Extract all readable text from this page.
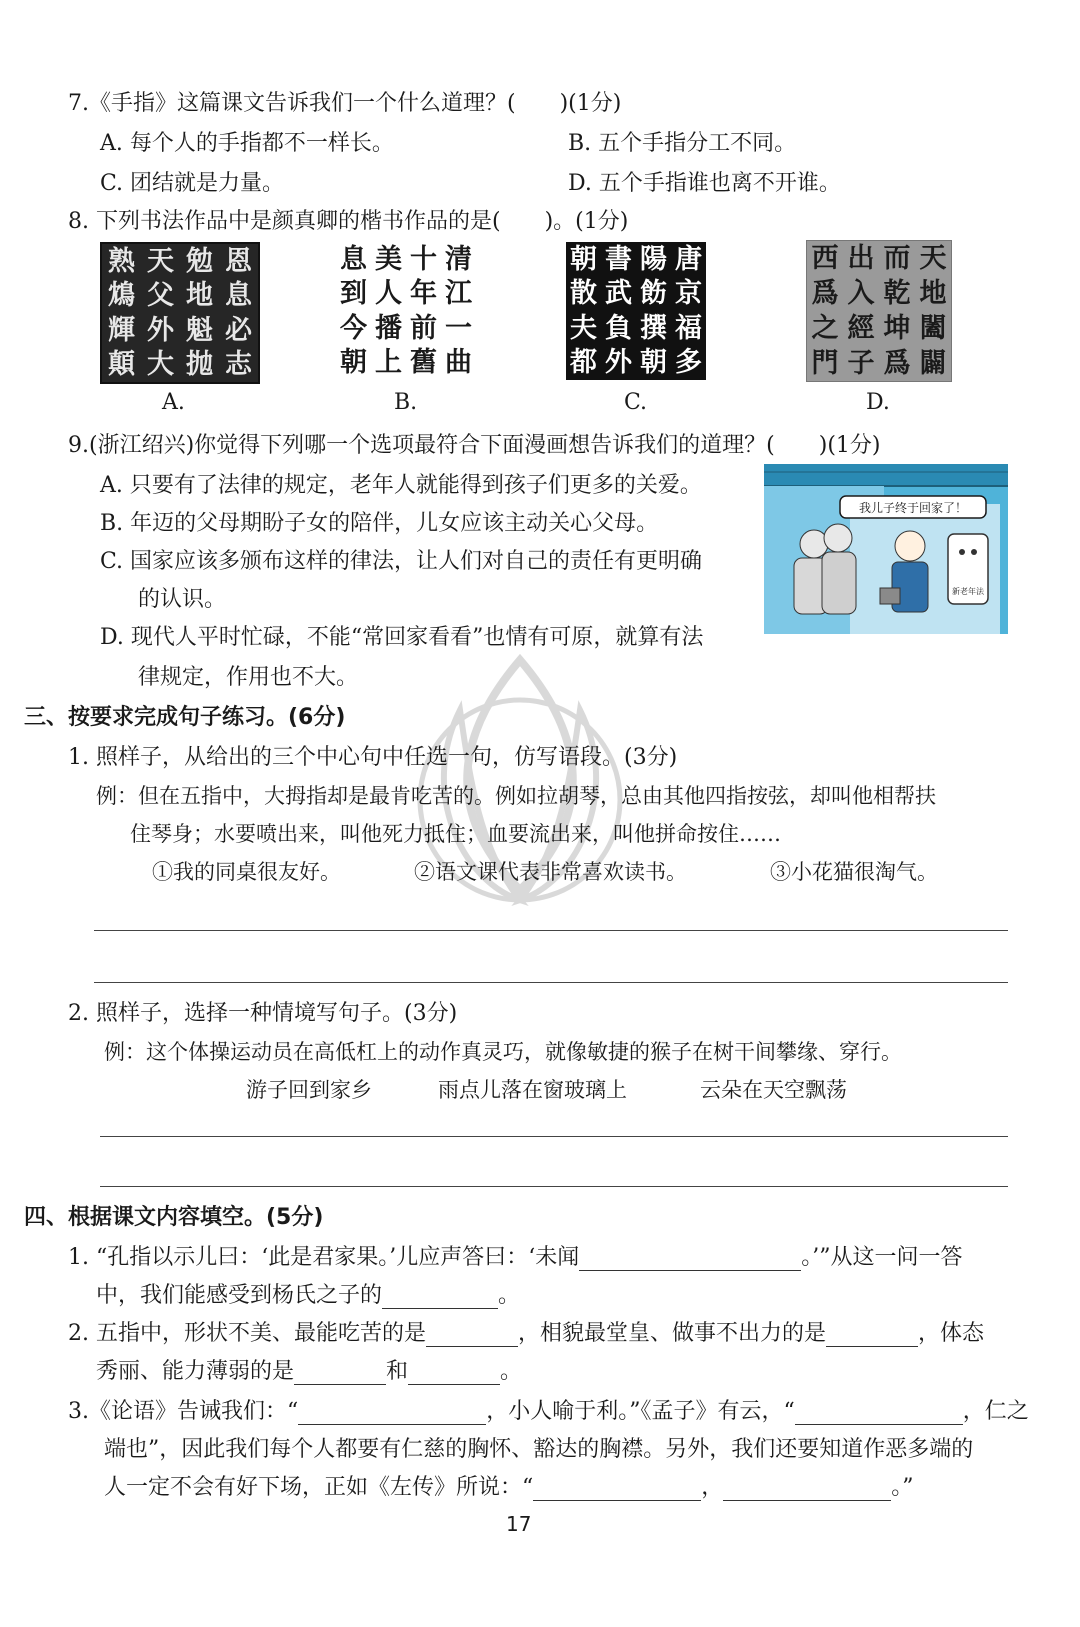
7.《手指》这篇课文告诉我们一个什么道理？(　　)(1分)
A. 每个人的手指都不一样长。	B. 五个手指分工不同。
C. 团结就是力量。	D. 五个手指谁也离不开谁。
8. 下列书法作品中是颜真卿的楷书作品的是(　　)。(1分)
熟 天 勉 恩
鴆 父 地 息
輝 外 魁 必
顛 大 抛 志
息 美 十 清
到 人 年 江
今 播 前 一
朝 上 舊 曲
朝 書 陽 唐
散 武 飭 京
夫 負 撰 福
都 外 朝 多
西 出 而 天
爲 入 乾 地
之 經 坤 闔
門 子 爲 闢
A.	B.	C.	D.
9.(浙江绍兴)你觉得下列哪一个选项最符合下面漫画想告诉我们的道理？(　　)(1分)
A. 只要有了法律的规定，老年人就能得到孩子们更多的关爱。
B. 年迈的父母期盼子女的陪伴，儿女应该主动关心父母。
C. 国家应该多颁布这样的律法，让人们对自己的责任有更明确
的认识。
D. 现代人平时忙碌，不能“常回家看看”也情有可原，就算有法
律规定，作用也不大。
我儿子终于回家了！
新老年法
三、按要求完成句子练习。(6分)
1. 照样子，从给出的三个中心句中任选一句，仿写语段。(3分)
例：但在五指中，大拇指却是最肯吃苦的。例如拉胡琴，总由其他四指按弦，却叫他相帮扶
住琴身；水要喷出来，叫他死力抵住；血要流出来，叫他拼命按住……
①我的同桌很友好。	②语文课代表非常喜欢读书。	③小花猫很淘气。
2. 照样子，选择一种情境写句子。(3分)
例：这个体操运动员在高低杠上的动作真灵巧，就像敏捷的猴子在树干间攀缘、穿行。
游子回到家乡	雨点儿落在窗玻璃上	云朵在天空飘荡
四、根据课文内容填空。(5分)
1. “孔指以示儿曰：‘此是君家果。’儿应声答曰：‘未闻	。’”从这一问一答
中，我们能感受到杨氏之子的	。
2. 五指中，形状不美、最能吃苦的是	，相貌最堂皇、做事不出力的是	，体态
秀丽、能力薄弱的是	和	。
3.《论语》告诫我们：“	，小人喻于利。”《孟子》有云，“	，仁之
端也”，因此我们每个人都要有仁慈的胸怀、豁达的胸襟。另外，我们还要知道作恶多端的
人一定不会有好下场，正如《左传》所说：“	，	。”
17
